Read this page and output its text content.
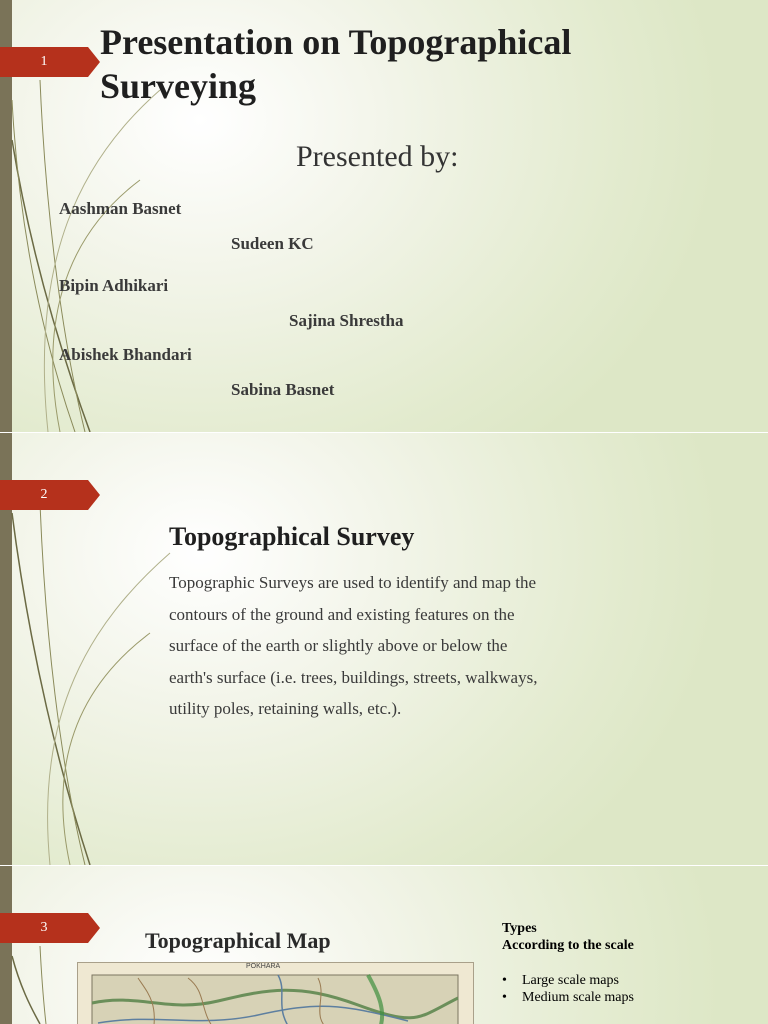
1	Presentation on Topographical Surveying
Presented by:
Aashman Basnet
Sudeen KC
Bipin Adhikari
Sajina Shrestha
Abishek Bhandari
Sabina Basnet
2
Topographical Survey
Topographic Surveys are used to identify and map the contours of the ground and existing features on the surface of the earth or slightly above or below the earth's surface (i.e. trees, buildings, streets, walkways, utility poles, retaining walls, etc.).
3
Topographical Map
POKHARA
Types
According to the scale
• Large scale maps
• Medium scale maps
